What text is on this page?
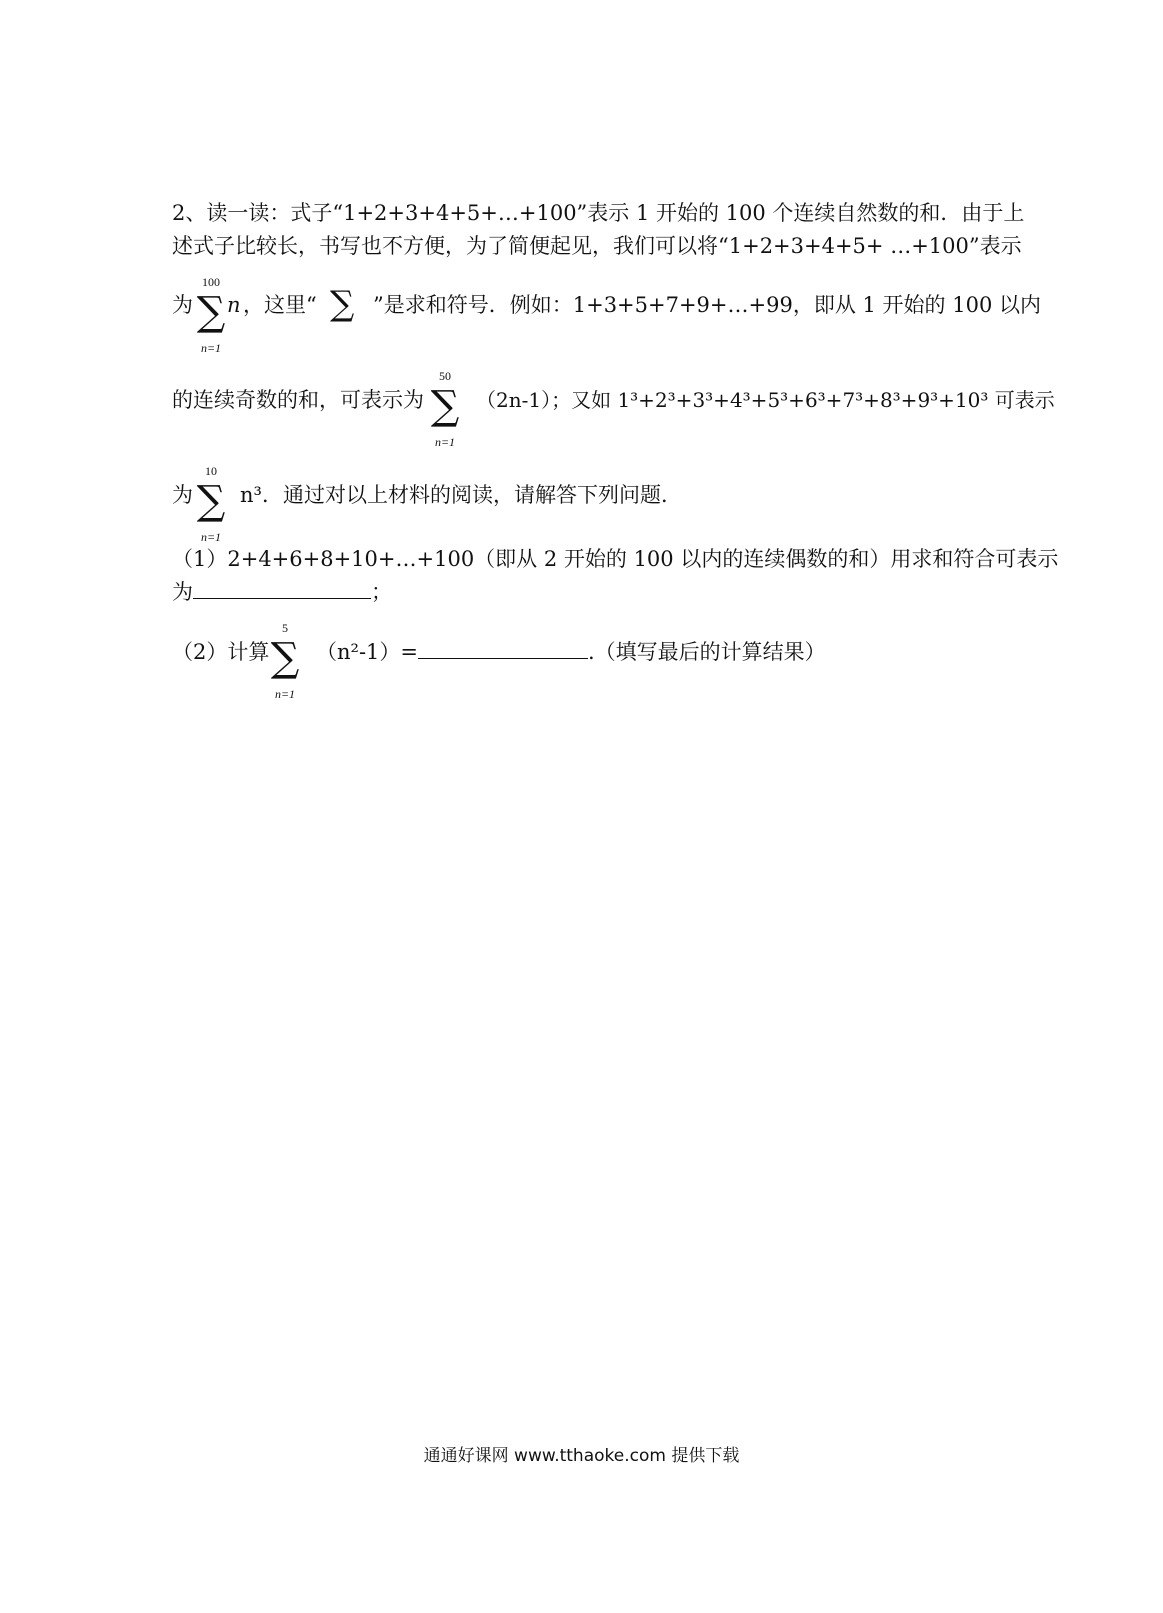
2、读一读：式子“1+2+3+4+5+…+100”表示 1 开始的 100 个连续自然数的和．由于上
述式子比较长，书写也不方便，为了简便起见，我们可以将“1+2+3+4+5+ …+100”表示
为
100
∑
n=1
n ，这里“ ∑ ”是求和符号．例如：1+3+5+7+9+…+99，即从 1 开始的 100 以内
的连续奇数的和，可表示为
50
∑
n=1
（2n-1）；又如 1³+2³+3³+4³+5³+6³+7³+8³+9³+10³ 可表示
为
10
∑
n=1
n³．通过对以上材料的阅读，请解答下列问题．
（1）2+4+6+8+10+…+100（即从 2 开始的 100 以内的连续偶数的和）用求和符合可表示
为	；
（2）计算
5
∑
n=1
（n²-1）=	.（填写最后的计算结果）
通通好课网 www.tthaoke.com 提供下载
